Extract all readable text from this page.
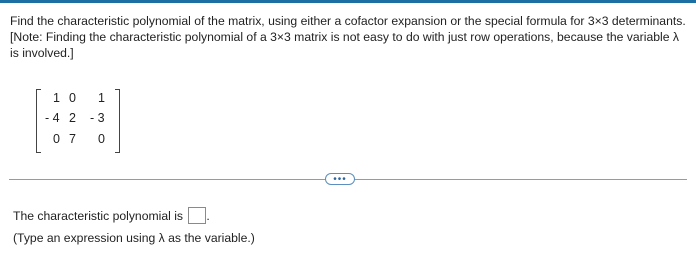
Find the characteristic polynomial of the matrix, using either a cofactor expansion or the special formula for 3×3 determinants. [Note: Finding the characteristic polynomial of a 3×3 matrix is not easy to do with just row operations, because the variable λ is involved.]
1 0 1
- 4 2 - 3
0 7 0
•••
The characteristic polynomial is .
(Type an expression using λ as the variable.)
